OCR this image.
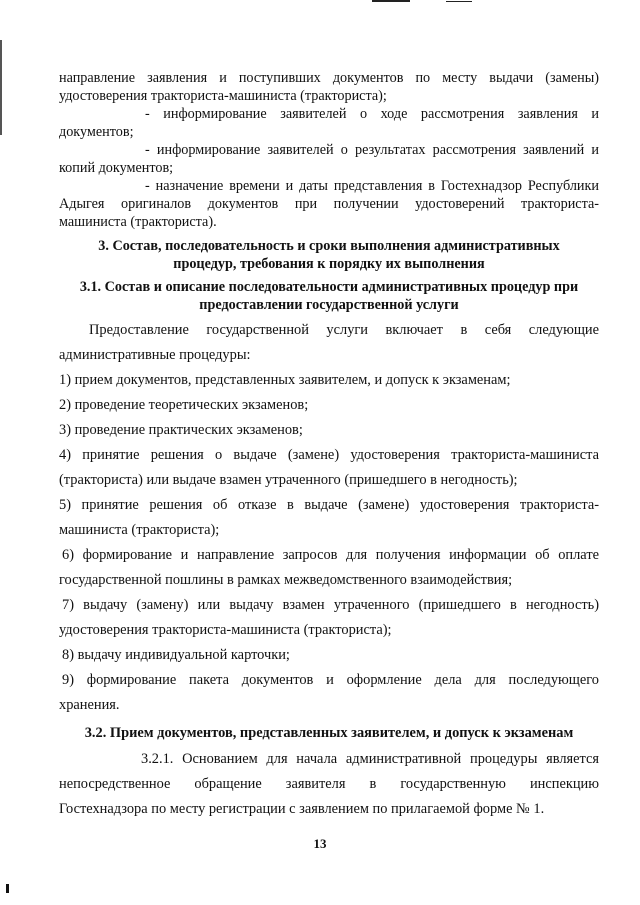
направление заявления и поступивших документов по месту выдачи (замены)
удостоверения тракториста-машиниста (тракториста);
- информирование заявителей о ходе рассмотрения заявления и
документов;
- информирование заявителей о результатах рассмотрения заявлений и
копий документов;
- назначение времени и даты представления в Гостехнадзор Республики
Адыгея оригиналов документов при получении удостоверений тракториста-
машиниста (тракториста).
3. Состав, последовательность и сроки выполнения административных
процедур, требования к порядку их выполнения
3.1. Состав и описание последовательности административных процедур при
предоставлении государственной услуги
Предоставление государственной услуги включает в себя следующие
административные процедуры:
1) прием документов, представленных заявителем, и допуск к экзаменам;
2) проведение теоретических экзаменов;
3) проведение практических экзаменов;
4) принятие решения о выдаче (замене) удостоверения тракториста-машиниста
(тракториста) или выдаче взамен утраченного (пришедшего в негодность);
5) принятие решения об отказе в выдаче (замене) удостоверения тракториста-
машиниста (тракториста);
6) формирование и направление запросов для получения информации об оплате
государственной пошлины в рамках межведомственного взаимодействия;
7) выдачу (замену) или выдачу взамен утраченного (пришедшего в негодность)
удостоверения тракториста-машиниста (тракториста);
8) выдачу индивидуальной карточки;
9) формирование пакета документов и оформление дела для последующего
хранения.
3.2. Прием документов, представленных заявителем, и допуск к экзаменам
3.2.1. Основанием для начала административной процедуры является
непосредственное обращение заявителя в государственную инспекцию
Гостехнадзора по месту регистрации с заявлением по прилагаемой форме № 1.
13
